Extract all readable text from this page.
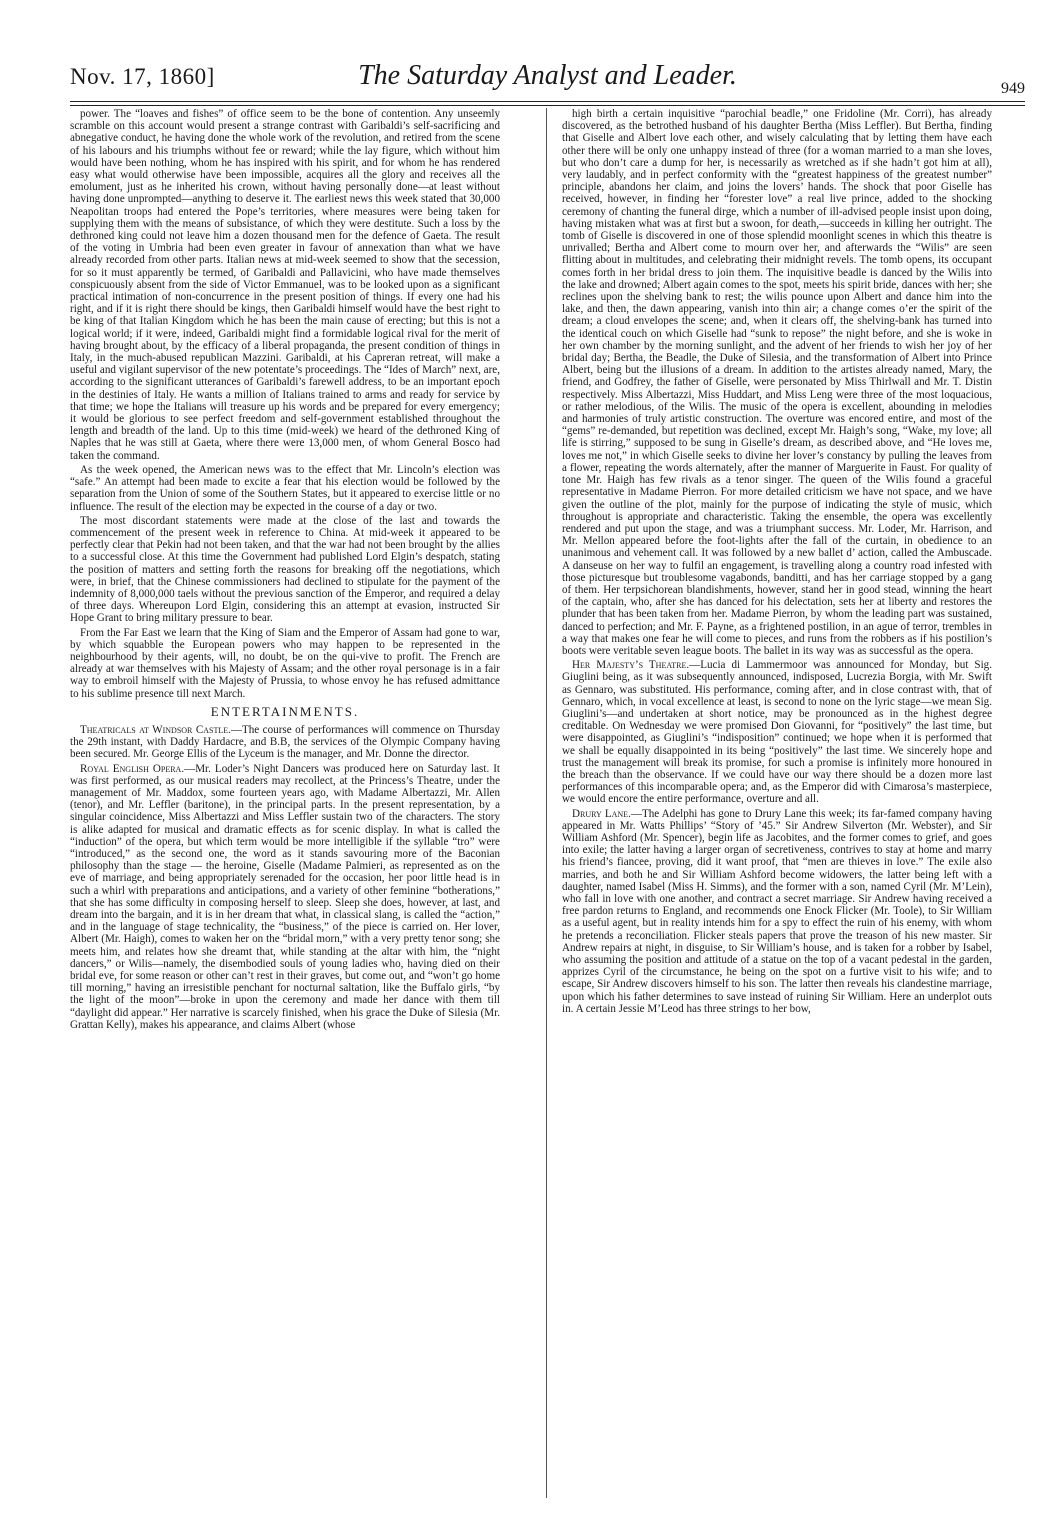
Nov. 17, 1860]	The Saturday Analyst and Leader.	949

power. The “loaves and fishes” of office seem to be the bone of contention. Any unseemly scramble on this account would present a strange contrast with Garibaldi’s self-sacrificing and abnegative conduct, he having done the whole work of the revolution, and retired from the scene of his labours and his triumphs without fee or reward; while the lay figure, which without him would have been nothing, whom he has inspired with his spirit, and for whom he has rendered easy what would otherwise have been impossible, acquires all the glory and receives all the emolument, just as he inherited his crown, without having personally done—at least without having done unprompted—anything to deserve it. The earliest news this week stated that 30,000 Neapolitan troops had entered the Pope’s territories, where measures were being taken for supplying them with the means of subsistance, of which they were destitute. Such a loss by the dethroned king could not leave him a dozen thousand men for the defence of Gaeta. The result of the voting in Umbria had been even greater in favour of annexation than what we have already recorded from other parts. Italian news at mid-week seemed to show that the secession, for so it must apparently be termed, of Garibaldi and Pallavicini, who have made themselves conspicuously absent from the side of Victor Emmanuel, was to be looked upon as a significant practical intimation of non-concurrence in the present position of things. If every one had his right, and if it is right there should be kings, then Garibaldi himself would have the best right to be king of that Italian Kingdom which he has been the main cause of erecting; but this is not a logical world; if it were, indeed, Garibaldi might find a formidable logical rival for the merit of having brought about, by the efficacy of a liberal propaganda, the present condition of things in Italy, in the much-abused republican Mazzini. Garibaldi, at his Capreran retreat, will make a useful and vigilant supervisor of the new potentate’s proceedings. The “Ides of March” next, are, according to the significant utterances of Garibaldi’s farewell address, to be an important epoch in the destinies of Italy. He wants a million of Italians trained to arms and ready for service by that time; we hope the Italians will treasure up his words and be prepared for every emergency; it would be glorious to see perfect freedom and self-government established throughout the length and breadth of the land. Up to this time (mid-week) we heard of the dethroned King of Naples that he was still at Gaeta, where there were 13,000 men, of whom General Bosco had taken the command.

As the week opened, the American news was to the effect that Mr. Lincoln’s election was “safe.” An attempt had been made to excite a fear that his election would be followed by the separation from the Union of some of the Southern States, but it appeared to exercise little or no influence. The result of the election may be expected in the course of a day or two.

The most discordant statements were made at the close of the last and towards the commencement of the present week in reference to China. At mid-week it appeared to be perfectly clear that Pekin had not been taken, and that the war had not been brought by the allies to a successful close. At this time the Government had published Lord Elgin’s despatch, stating the position of matters and setting forth the reasons for breaking off the negotiations, which were, in brief, that the Chinese commissioners had declined to stipulate for the payment of the indemnity of 8,000,000 taels without the previous sanction of the Emperor, and required a delay of three days. Whereupon Lord Elgin, considering this an attempt at evasion, instructed Sir Hope Grant to bring military pressure to bear.

From the Far East we learn that the King of Siam and the Emperor of Assam had gone to war, by which squabble the European powers who may happen to be represented in the neighbourhood by their agents, will, no doubt, be on the qui-vive to profit. The French are already at war themselves with his Majesty of Assam; and the other royal personage is in a fair way to embroil himself with the Majesty of Prussia, to whose envoy he has refused admittance to his sublime presence till next March.

ENTERTAINMENTS.

Theatricals at Windsor Castle.—The course of performances will commence on Thursday the 29th instant, with Daddy Hardacre, and B.B, the services of the Olympic Company having been secured. Mr. George Ellis of the Lyceum is the manager, and Mr. Donne the director.

Royal English Opera.—Mr. Loder’s Night Dancers was produced here on Saturday last. It was first performed, as our musical readers may recollect, at the Princess’s Theatre, under the management of Mr. Maddox, some fourteen years ago, with Madame Albertazzi, Mr. Allen (tenor), and Mr. Leffler (baritone), in the principal parts. In the present representation, by a singular coincidence, Miss Albertazzi and Miss Leffler sustain two of the characters. The story is alike adapted for musical and dramatic effects as for scenic display. In what is called the “induction” of the opera, but which term would be more intelligible if the syllable “tro” were “introduced,” as the second one, the word as it stands savouring more of the Baconian philosophy than the stage — the heroine, Giselle (Madame Palmieri, as represented as on the eve of marriage, and being appropriately serenaded for the occasion, her poor little head is in such a whirl with preparations and anticipations, and a variety of other feminine “botherations,” that she has some difficulty in composing herself to sleep. Sleep she does, however, at last, and dream into the bargain, and it is in her dream that what, in classical slang, is called the “action,” and in the language of stage technicality, the “business,” of the piece is carried on. Her lover, Albert (Mr. Haigh), comes to waken her on the “bridal morn,” with a very pretty tenor song; she meets him, and relates how she dreamt that, while standing at the altar with him, the “night dancers,” or Wilis—namely, the disembodied souls of young ladies who, having died on their bridal eve, for some reason or other can’t rest in their graves, but come out, and “won’t go home till morning,” having an irresistible penchant for nocturnal saltation, like the Buffalo girls, “by the light of the moon”—broke in upon the ceremony and made her dance with them till “daylight did appear.” Her narrative is scarcely finished, when his grace the Duke of Silesia (Mr. Grattan Kelly), makes his appearance, and claims Albert (whose

high birth a certain inquisitive “parochial beadle,” one Fridoline (Mr. Corri), has already discovered, as the betrothed husband of his daughter Bertha (Miss Leffler). But Bertha, finding that Giselle and Albert love each other, and wisely calculating that by letting them have each other there will be only one unhappy instead of three (for a woman married to a man she loves, but who don’t care a dump for her, is necessarily as wretched as if she hadn’t got him at all), very laudably, and in perfect conformity with the “greatest happiness of the greatest number” principle, abandons her claim, and joins the lovers’ hands. The shock that poor Giselle has received, however, in finding her “forester love” a real live prince, added to the shocking ceremony of chanting the funeral dirge, which a number of ill-advised people insist upon doing, having mistaken what was at first but a swoon, for death,—succeeds in killing her outright. The tomb of Giselle is discovered in one of those splendid moonlight scenes in which this theatre is unrivalled; Bertha and Albert come to mourn over her, and afterwards the “Wilis” are seen flitting about in multitudes, and celebrating their midnight revels. The tomb opens, its occupant comes forth in her bridal dress to join them. The inquisitive beadle is danced by the Wilis into the lake and drowned; Albert again comes to the spot, meets his spirit bride, dances with her; she reclines upon the shelving bank to rest; the wilis pounce upon Albert and dance him into the lake, and then, the dawn appearing, vanish into thin air; a change comes o’er the spirit of the dream; a cloud envelopes the scene; and, when it clears off, the shelving-bank has turned into the identical couch on which Giselle had “sunk to repose” the night before, and she is woke in her own chamber by the morning sunlight, and the advent of her friends to wish her joy of her bridal day; Bertha, the Beadle, the Duke of Silesia, and the transformation of Albert into Prince Albert, being but the illusions of a dream. In addition to the artistes already named, Mary, the friend, and Godfrey, the father of Giselle, were personated by Miss Thirlwall and Mr. T. Distin respectively. Miss Albertazzi, Miss Huddart, and Miss Leng were three of the most loquacious, or rather melodious, of the Wilis. The music of the opera is excellent, abounding in melodies and harmonies of truly artistic construction. The overture was encored entire, and most of the “gems” re-demanded, but repetition was declined, except Mr. Haigh’s song, “Wake, my love; all life is stirring,” supposed to be sung in Giselle’s dream, as described above, and “He loves me, loves me not,” in which Giselle seeks to divine her lover’s constancy by pulling the leaves from a flower, repeating the words alternately, after the manner of Marguerite in Faust. For quality of tone Mr. Haigh has few rivals as a tenor singer. The queen of the Wilis found a graceful representative in Madame Pierron. For more detailed criticism we have not space, and we have given the outline of the plot, mainly for the purpose of indicating the style of music, which throughout is appropriate and characteristic. Taking the ensemble, the opera was excellently rendered and put upon the stage, and was a triumphant success. Mr. Loder, Mr. Harrison, and Mr. Mellon appeared before the foot-lights after the fall of the curtain, in obedience to an unanimous and vehement call. It was followed by a new ballet d’ action, called the Ambuscade. A danseuse on her way to fulfil an engagement, is travelling along a country road infested with those picturesque but troublesome vagabonds, banditti, and has her carriage stopped by a gang of them. Her terpsichorean blandishments, however, stand her in good stead, winning the heart of the captain, who, after she has danced for his delectation, sets her at liberty and restores the plunder that has been taken from her. Madame Pierron, by whom the leading part was sustained, danced to perfection; and Mr. F. Payne, as a frightened postilion, in an ague of terror, trembles in a way that makes one fear he will come to pieces, and runs from the robbers as if his postilion’s boots were veritable seven league boots. The ballet in its way was as successful as the opera.

Her Majesty’s Theatre.—Lucia di Lammermoor was announced for Monday, but Sig. Giuglini being, as it was subsequently announced, indisposed, Lucrezia Borgia, with Mr. Swift as Gennaro, was substituted. His performance, coming after, and in close contrast with, that of Gennaro, which, in vocal excellence at least, is second to none on the lyric stage—we mean Sig. Giuglini’s—and undertaken at short notice, may be pronounced as in the highest degree creditable. On Wednesday we were promised Don Giovanni, for “positively” the last time, but were disappointed, as Giuglini’s “indisposition” continued; we hope when it is performed that we shall be equally disappointed in its being “positively” the last time. We sincerely hope and trust the management will break its promise, for such a promise is infinitely more honoured in the breach than the observance. If we could have our way there should be a dozen more last performances of this incomparable opera; and, as the Emperor did with Cimarosa’s masterpiece, we would encore the entire performance, overture and all.

Drury Lane.—The Adelphi has gone to Drury Lane this week; its far-famed company having appeared in Mr. Watts Phillips’ “Story of ’45.” Sir Andrew Silverton (Mr. Webster), and Sir William Ashford (Mr. Spencer), begin life as Jacobites, and the former comes to grief, and goes into exile; the latter having a larger organ of secretiveness, contrives to stay at home and marry his friend’s fiancee, proving, did it want proof, that “men are thieves in love.” The exile also marries, and both he and Sir William Ashford become widowers, the latter being left with a daughter, named Isabel (Miss H. Simms), and the former with a son, named Cyril (Mr. M’Lein), who fall in love with one another, and contract a secret marriage. Sir Andrew having received a free pardon returns to England, and recommends one Enock Flicker (Mr. Toole), to Sir William as a useful agent, but in reality intends him for a spy to effect the ruin of his enemy, with whom he pretends a reconciliation. Flicker steals papers that prove the treason of his new master. Sir Andrew repairs at night, in disguise, to Sir William’s house, and is taken for a robber by Isabel, who assuming the position and attitude of a statue on the top of a vacant pedestal in the garden, apprizes Cyril of the circumstance, he being on the spot on a furtive visit to his wife; and to escape, Sir Andrew discovers himself to his son. The latter then reveals his clandestine marriage, upon which his father determines to save instead of ruining Sir William. Here an underplot outs in. A certain Jessie M’Leod has three strings to her bow,
